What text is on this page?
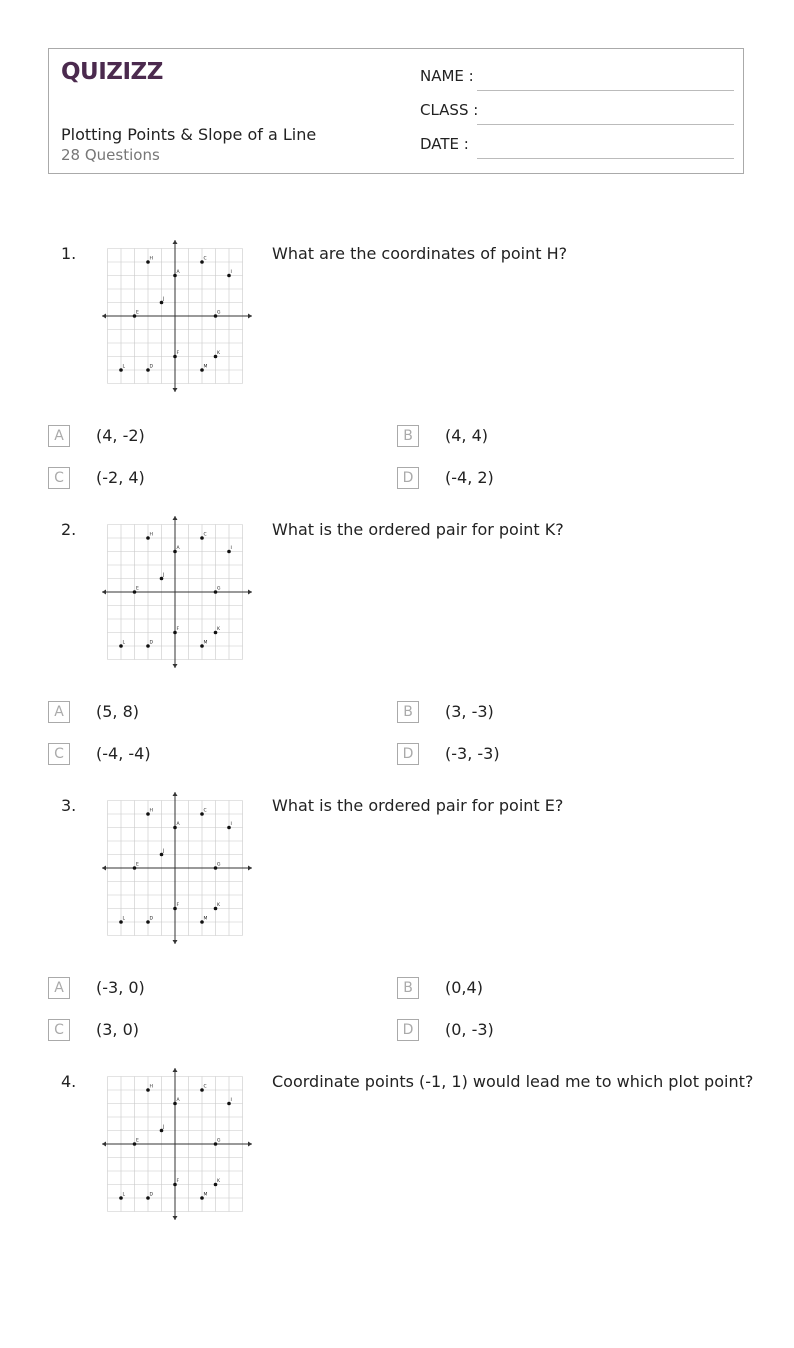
QUIZIZZ
Plotting Points & Slope of a Line
28 Questions
NAME :
CLASS :
DATE :
1.	H	C
A	I
J
E	G
F	K
L	D	M
What are the coordinates of point H?
A	(4, -2)	B	(4, 4)
C	(-2, 4)	D	(-4, 2)
2.	H	C
A	I
J
E	G
F	K
L	D	M
What is the ordered pair for point K?
A	(5, 8)	B	(3, -3)
C	(-4, -4)	D	(-3, -3)
3.	H	C
A	I
J
E	G
F	K
L	D	M
What is the ordered pair for point E?
A	(-3, 0)	B	(0,4)
C	(3, 0)	D	(0, -3)
4.	H	C
A	I
J
E	G
F	K
L	D	M
Coordinate points (-1, 1) would lead me to which plot point?
